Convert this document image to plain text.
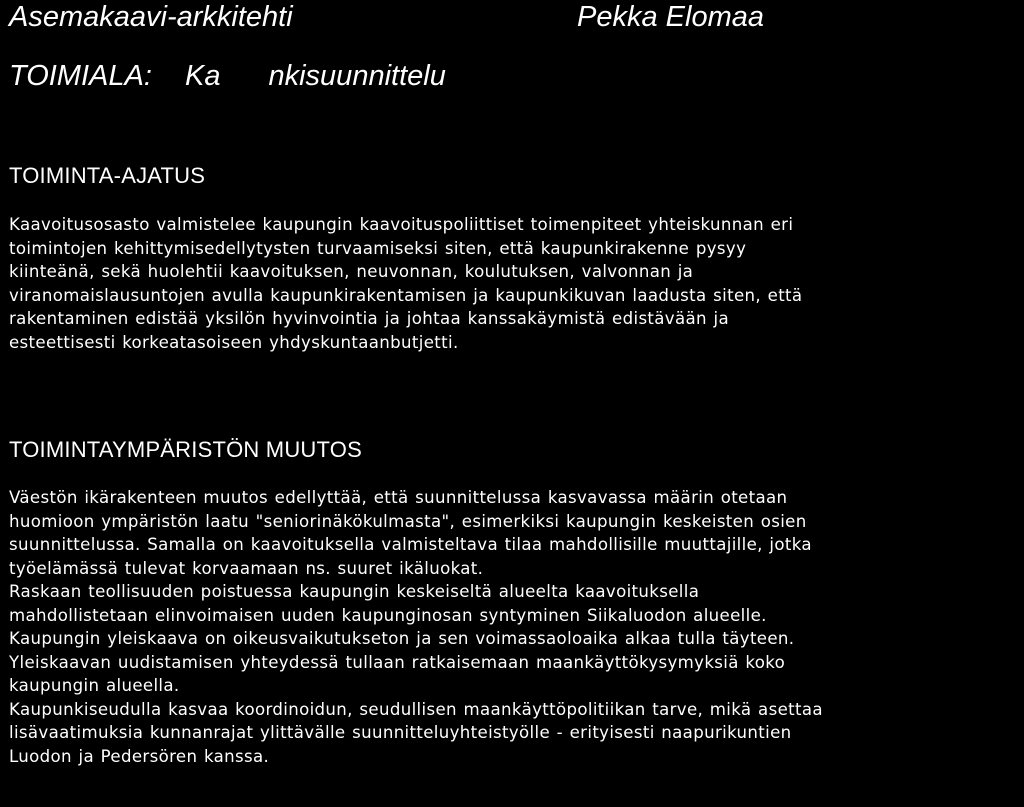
Asemakaavi-arkkitehti	Pekka Elomaa
TOIMIALA: Ka nkisuunnittelu
TOIMINTA-AJATUS
Kaavoitusosasto valmistelee kaupungin kaavoituspoliittiset toimenpiteet yhteiskunnan eri
toimintojen kehittymisedellytysten turvaamiseksi siten, että kaupunkirakenne pysyy
kiinteänä, sekä huolehtii kaavoituksen, neuvonnan, koulutuksen, valvonnan ja
viranomaislausuntojen avulla kaupunkirakentamisen ja kaupunkikuvan laadusta siten, että
rakentaminen edistää yksilön hyvinvointia ja johtaa kanssakäymistä edistävään ja
esteettisesti korkeatasoiseen yhdyskuntaanbutjetti.
TOIMINTAYMPÄRISTÖN MUUTOS
Väestön ikärakenteen muutos edellyttää, että suunnittelussa kasvavassa määrin otetaan
huomioon ympäristön laatu "seniorinäkökulmasta", esimerkiksi kaupungin keskeisten osien
suunnittelussa. Samalla on kaavoituksella valmisteltava tilaa mahdollisille muuttajille, jotka
työelämässä tulevat korvaamaan ns. suuret ikäluokat.
Raskaan teollisuuden poistuessa kaupungin keskeiseltä alueelta kaavoituksella
mahdollistetaan elinvoimaisen uuden kaupunginosan syntyminen Siikaluodon alueelle.
Kaupungin yleiskaava on oikeusvaikutukseton ja sen voimassaoloaika alkaa tulla täyteen.
Yleiskaavan uudistamisen yhteydessä tullaan ratkaisemaan maankäyttökysymyksiä koko
kaupungin alueella.
Kaupunkiseudulla kasvaa koordinoidun, seudullisen maankäyttöpolitiikan tarve, mikä asettaa
lisävaatimuksia kunnanrajat ylittävälle suunnitteluyhteistyölle - erityisesti naapurikuntien
Luodon ja Pedersören kanssa.
